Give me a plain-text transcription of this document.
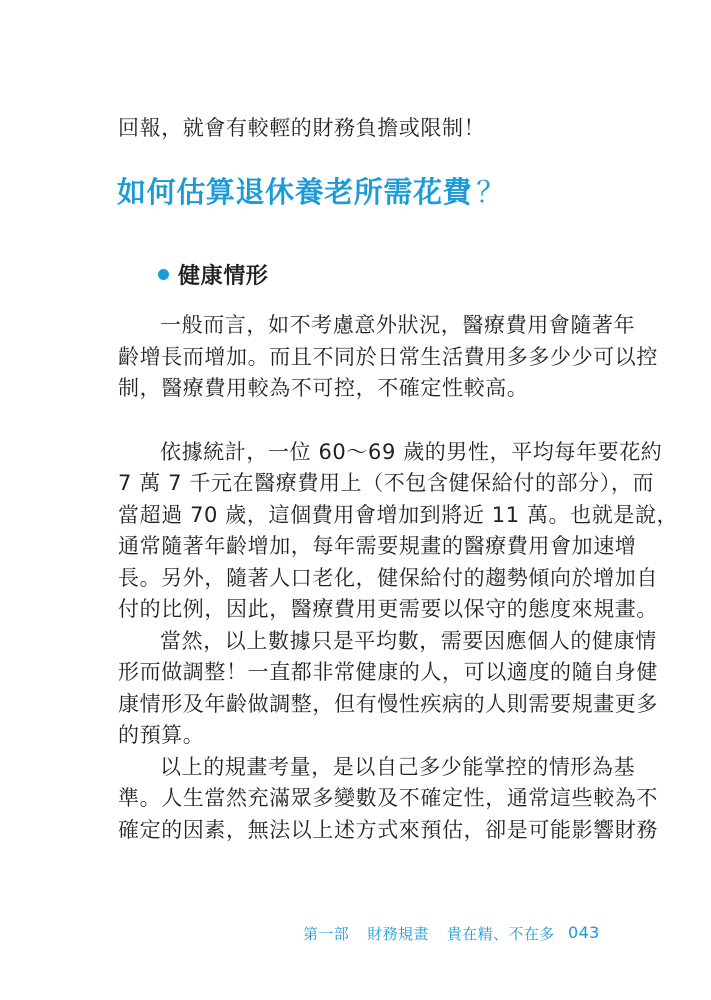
回報，就會有較輕的財務負擔或限制！
如何估算退休養老所需花費 ？
健康情形
一般而言，如不考慮意外狀況，醫療費用會隨著年
齡增長而增加。而且不同於日常生活費用多多少少可以控
制，醫療費用較為不可控，不確定性較高。
依據統計，一位 60～69 歲的男性，平均每年要花約
7 萬 7 千元在醫療費用上（不包含健保給付的部分），而
當超過 70 歲，這個費用會增加到將近 11 萬。也就是說，
通常隨著年齡增加，每年需要規畫的醫療費用會加速增
長。另外，隨著人口老化，健保給付的趨勢傾向於增加自
付的比例，因此，醫療費用更需要以保守的態度來規畫。
當然，以上數據只是平均數，需要因應個人的健康情
形而做調整！一直都非常健康的人，可以適度的隨自身健
康情形及年齡做調整，但有慢性疾病的人則需要規畫更多
的預算。
以上的規畫考量，是以自己多少能掌控的情形為基
準。人生當然充滿眾多變數及不確定性，通常這些較為不
確定的因素，無法以上述方式來預估，卻是可能影響財務
第一部 財務規畫 貴在精、不在多 043
